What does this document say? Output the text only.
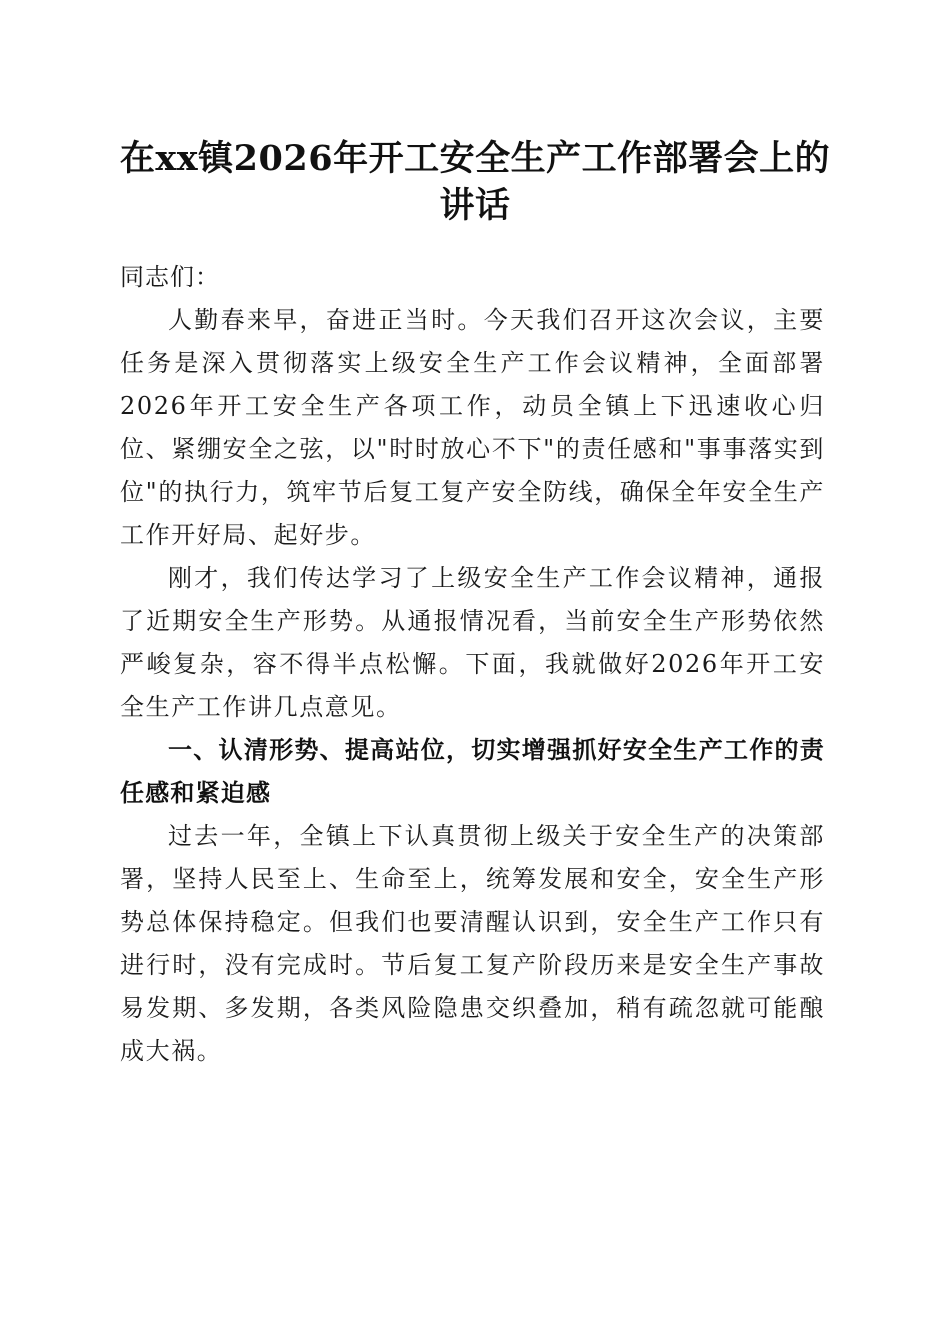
在xx镇2026年开工安全生产工作部署会上的讲话

同志们：

人勤春来早，奋进正当时。今天我们召开这次会议，主要任务是深入贯彻落实上级安全生产工作会议精神，全面部署2026年开工安全生产各项工作，动员全镇上下迅速收心归位、紧绷安全之弦，以"时时放心不下"的责任感和"事事落实到位"的执行力，筑牢节后复工复产安全防线，确保全年安全生产工作开好局、起好步。

刚才，我们传达学习了上级安全生产工作会议精神，通报了近期安全生产形势。从通报情况看，当前安全生产形势依然严峻复杂，容不得半点松懈。下面，我就做好2026年开工安全生产工作讲几点意见。

一、认清形势、提高站位，切实增强抓好安全生产工作的责任感和紧迫感

过去一年，全镇上下认真贯彻上级关于安全生产的决策部署，坚持人民至上、生命至上，统筹发展和安全，安全生产形势总体保持稳定。但我们也要清醒认识到，安全生产工作只有进行时，没有完成时。节后复工复产阶段历来是安全生产事故易发期、多发期，各类风险隐患交织叠加，稍有疏忽就可能酿成大祸。
